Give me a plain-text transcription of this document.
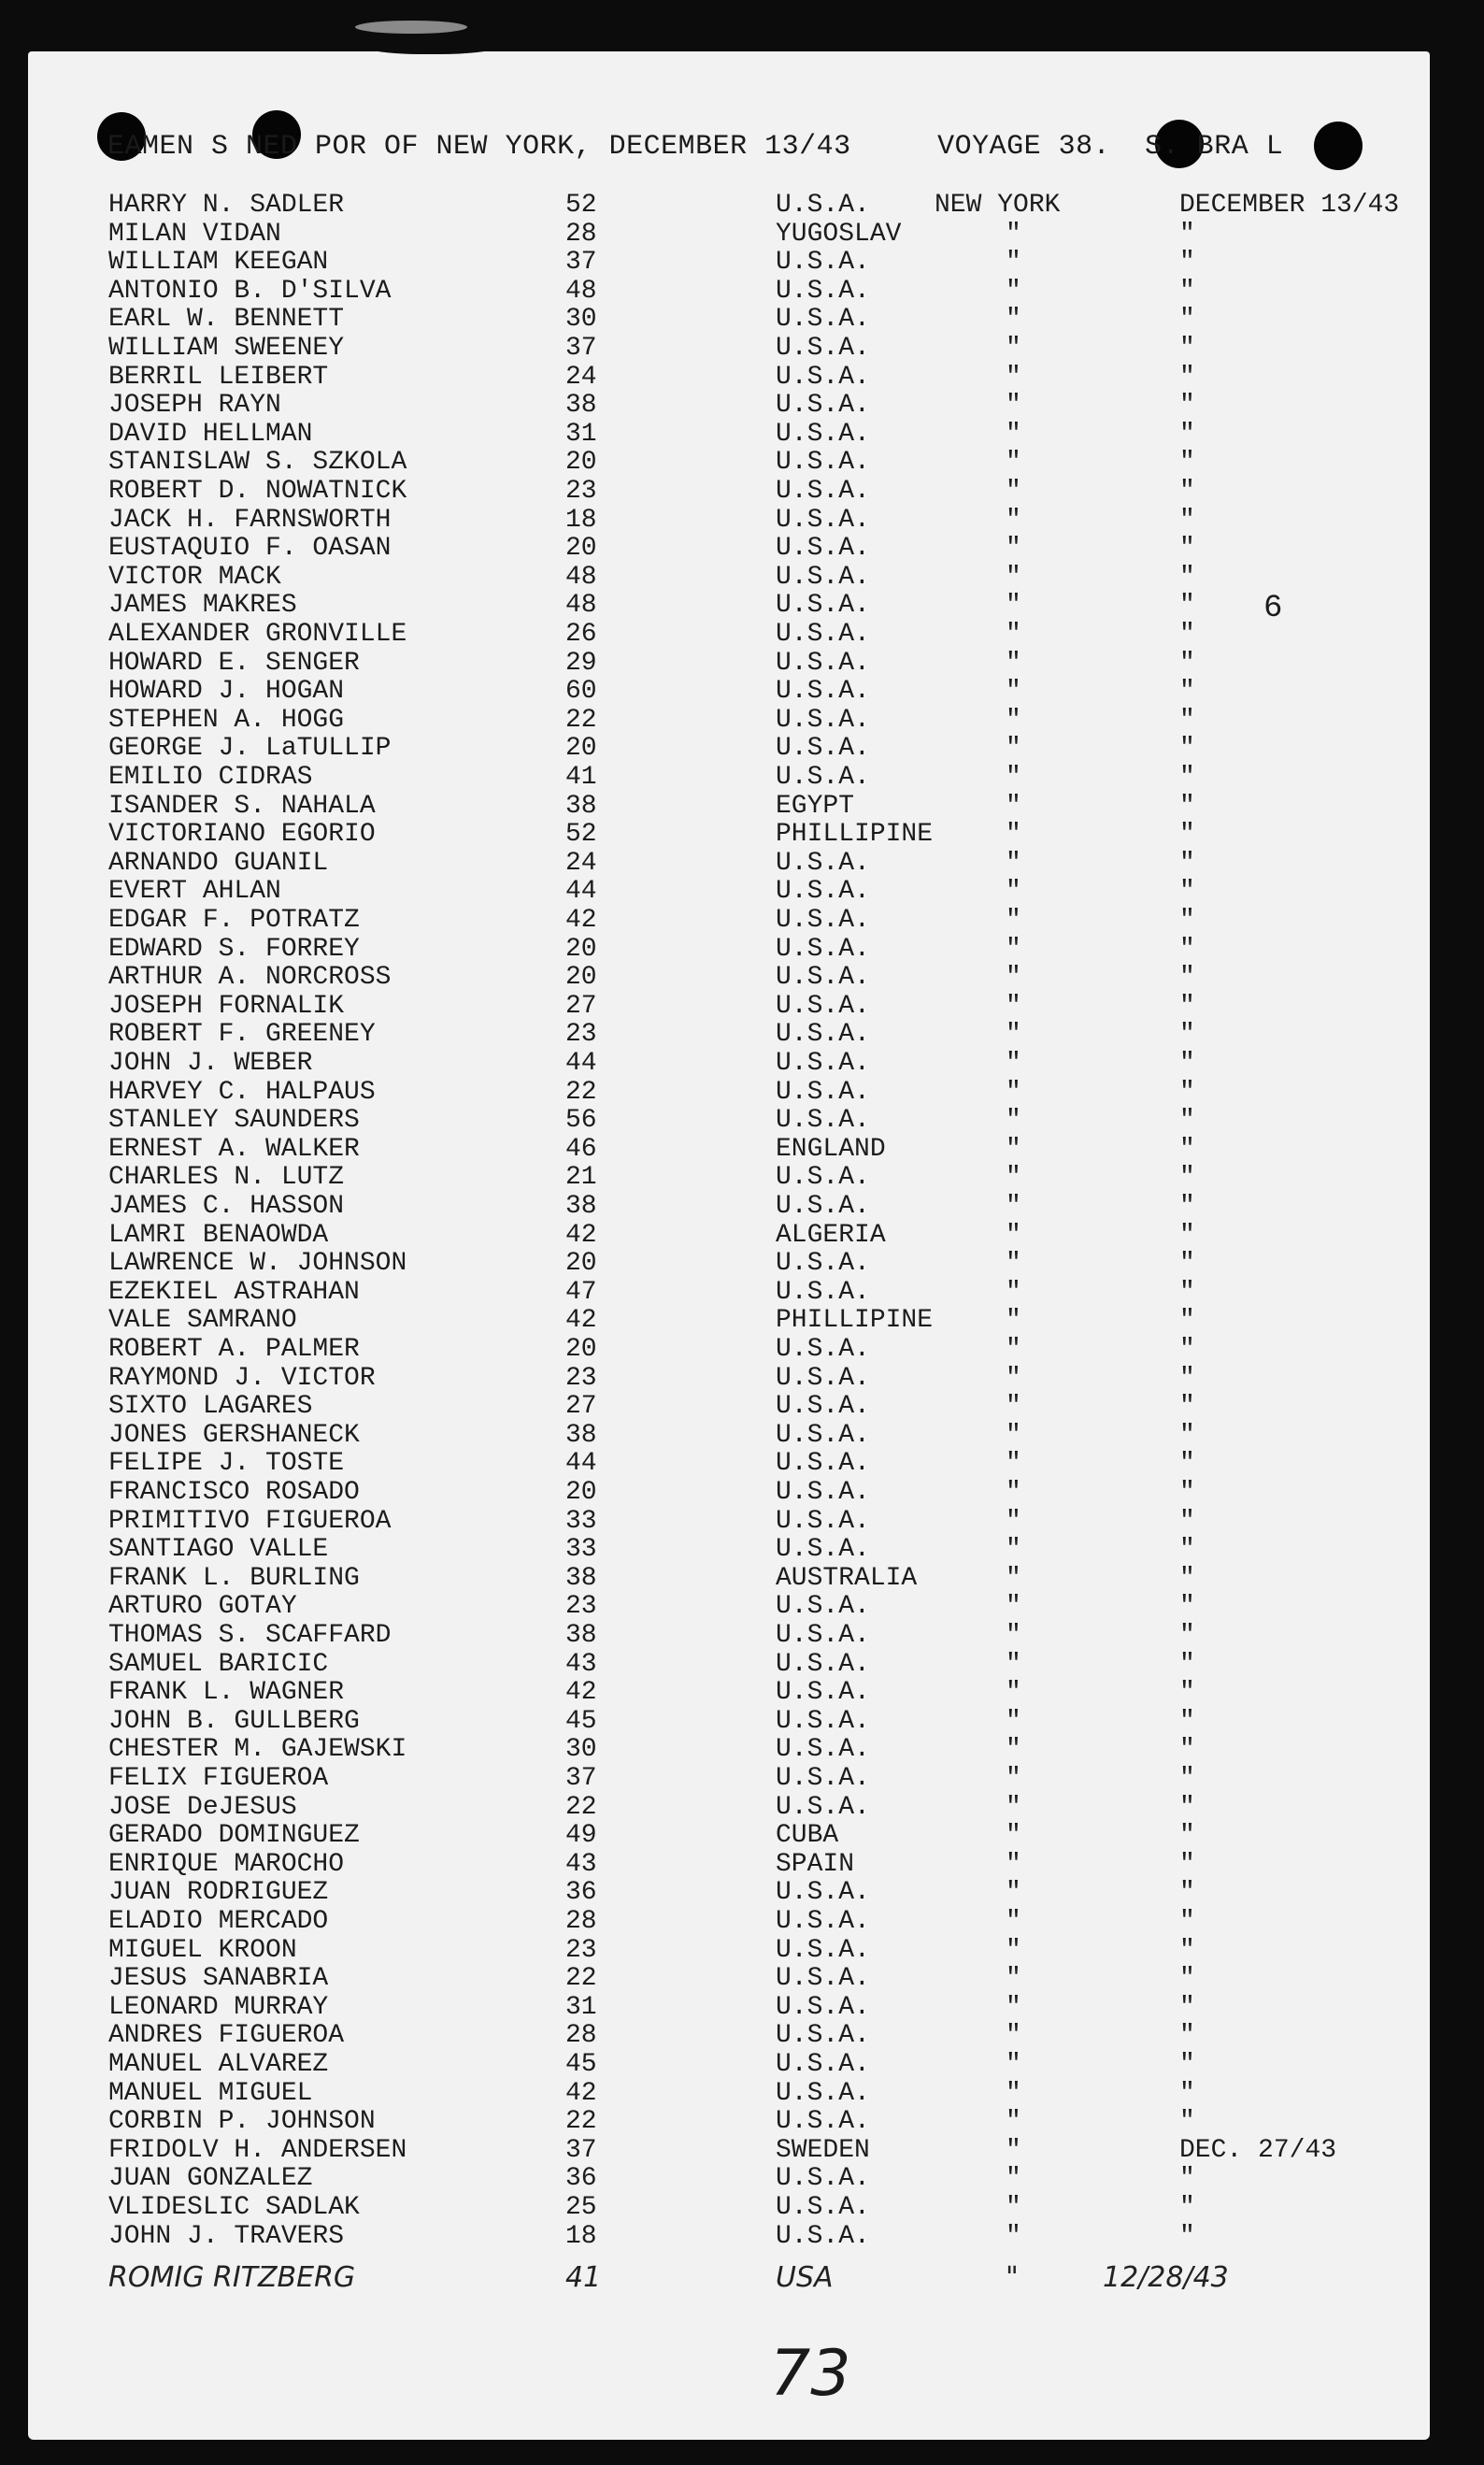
EAMEN S NED POR OF NEW YORK, DECEMBER 13/43     VOYAGE 38.  S. BRA L
HARRY N. SADLER	52	U.S.A. NEW YORK	DECEMBER 13/43
MILAN VIDAN	28	YUGOSLAV	"	"
WILLIAM KEEGAN	37	U.S.A.	"	"
ANTONIO B. D'SILVA	48	U.S.A.	"	"
EARL W. BENNETT	30	U.S.A.	"	"
WILLIAM SWEENEY	37	U.S.A.	"	"
BERRIL LEIBERT	24	U.S.A.	"	"
JOSEPH RAYN	38	U.S.A.	"	"
DAVID HELLMAN	31	U.S.A.	"	"
STANISLAW S. SZKOLA	20	U.S.A.	"	"
ROBERT D. NOWATNICK	23	U.S.A.	"	"
JACK H. FARNSWORTH	18	U.S.A.	"	"
EUSTAQUIO F. OASAN	20	U.S.A.	"	"
VICTOR MACK	48	U.S.A.	"	"
JAMES MAKRES	48	U.S.A.	"	"
ALEXANDER GRONVILLE	26	U.S.A.	"	"
HOWARD E. SENGER	29	U.S.A.	"	"
HOWARD J. HOGAN	60	U.S.A.	"	"
STEPHEN A. HOGG	22	U.S.A.	"	"
GEORGE J. LaTULLIP	20	U.S.A.	"	"
EMILIO CIDRAS	41	U.S.A.	"	"
ISANDER S. NAHALA	38	EGYPT	"	"
VICTORIANO EGORIO	52	PHILLIPINE	"	"
ARNANDO GUANIL	24	U.S.A.	"	"
EVERT AHLAN	44	U.S.A.	"	"
EDGAR F. POTRATZ	42	U.S.A.	"	"
EDWARD S. FORREY	20	U.S.A.	"	"
ARTHUR A. NORCROSS	20	U.S.A.	"	"
JOSEPH FORNALIK	27	U.S.A.	"	"
ROBERT F. GREENEY	23	U.S.A.	"	"
JOHN J. WEBER	44	U.S.A.	"	"
HARVEY C. HALPAUS	22	U.S.A.	"	"
STANLEY SAUNDERS	56	U.S.A.	"	"
ERNEST A. WALKER	46	ENGLAND	"	"
CHARLES N. LUTZ	21	U.S.A.	"	"
JAMES C. HASSON	38	U.S.A.	"	"
LAMRI BENAOWDA	42	ALGERIA	"	"
LAWRENCE W. JOHNSON	20	U.S.A.	"	"
EZEKIEL ASTRAHAN	47	U.S.A.	"	"
VALE SAMRANO	42	PHILLIPINE	"	"
ROBERT A. PALMER	20	U.S.A.	"	"
RAYMOND J. VICTOR	23	U.S.A.	"	"
SIXTO LAGARES	27	U.S.A.	"	"
JONES GERSHANECK	38	U.S.A.	"	"
FELIPE J. TOSTE	44	U.S.A.	"	"
FRANCISCO ROSADO	20	U.S.A.	"	"
PRIMITIVO FIGUEROA	33	U.S.A.	"	"
SANTIAGO VALLE	33	U.S.A.	"	"
FRANK L. BURLING	38	AUSTRALIA	"	"
ARTURO GOTAY	23	U.S.A.	"	"
THOMAS S. SCAFFARD	38	U.S.A.	"	"
SAMUEL BARICIC	43	U.S.A.	"	"
FRANK L. WAGNER	42	U.S.A.	"	"
JOHN B. GULLBERG	45	U.S.A.	"	"
CHESTER M. GAJEWSKI	30	U.S.A.	"	"
FELIX FIGUEROA	37	U.S.A.	"	"
JOSE DeJESUS	22	U.S.A.	"	"
GERADO DOMINGUEZ	49	CUBA	"	"
ENRIQUE MAROCHO	43	SPAIN	"	"
JUAN RODRIGUEZ	36	U.S.A.	"	"
ELADIO MERCADO	28	U.S.A.	"	"
MIGUEL KROON	23	U.S.A.	"	"
JESUS SANABRIA	22	U.S.A.	"	"
LEONARD MURRAY	31	U.S.A.	"	"
ANDRES FIGUEROA	28	U.S.A.	"	"
MANUEL ALVAREZ	45	U.S.A.	"	"
MANUEL MIGUEL	42	U.S.A.	"	"
CORBIN P. JOHNSON	22	U.S.A.	"	"
FRIDOLV H. ANDERSEN	37	SWEDEN	"	DEC. 27/43
JUAN GONZALEZ	36	U.S.A.	"	"
VLIDESLIC SADLAK	25	U.S.A.	"	"
JOHN J. TRAVERS	18	U.S.A.	"	"
ROMIG RITZBERG	41	USA	"	12/28/43
6
73
